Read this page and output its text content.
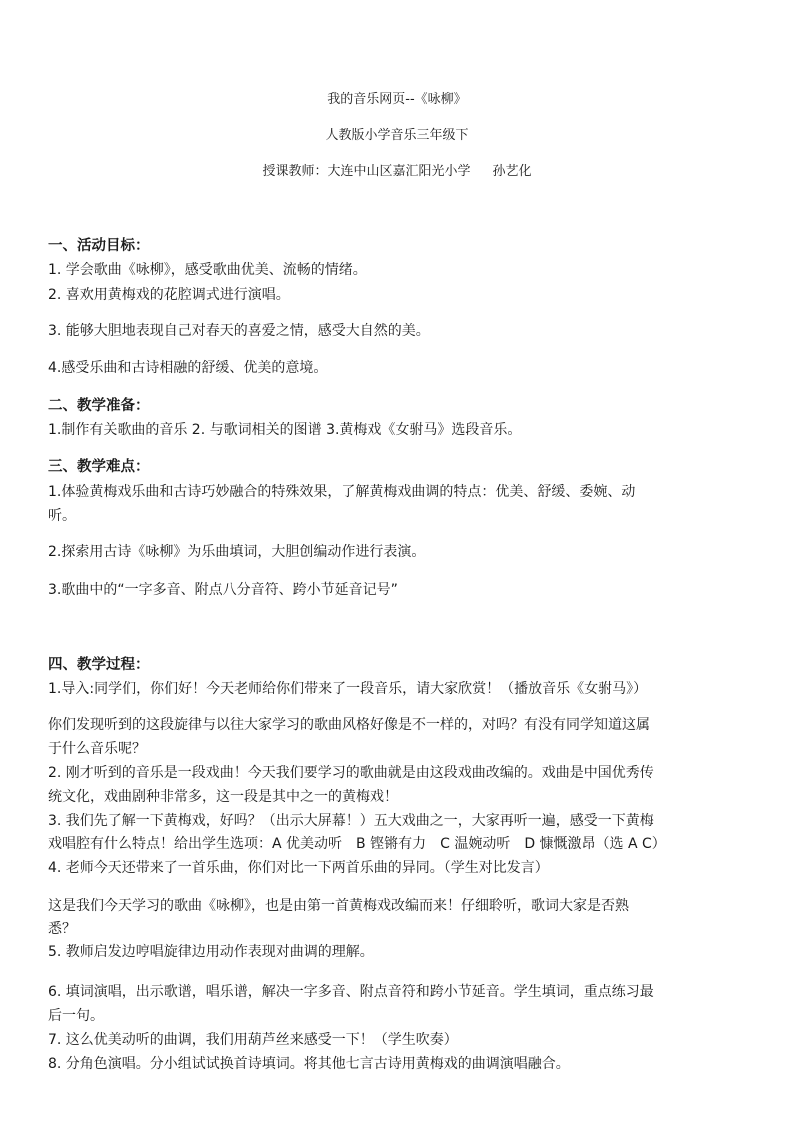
我的音乐网页--《咏柳》
人教版小学音乐三年级下
授课教师：大连中山区嘉汇阳光小学 孙艺化
一、活动目标：
1. 学会歌曲《咏柳》，感受歌曲优美、流畅的情绪。
2. 喜欢用黄梅戏的花腔调式进行演唱。
3. 能够大胆地表现自己对春天的喜爱之情，感受大自然的美。
4.感受乐曲和古诗相融的舒缓、优美的意境。
二、教学准备：
1.制作有关歌曲的音乐 2. 与歌词相关的图谱 3.黄梅戏《女驸马》选段音乐。
三、教学难点：
1.体验黄梅戏乐曲和古诗巧妙融合的特殊效果，了解黄梅戏曲调的特点：优美、舒缓、委婉、动
听。
2.探索用古诗《咏柳》为乐曲填词，大胆创编动作进行表演。
3.歌曲中的“一字多音、附点八分音符、跨小节延音记号”
四、教学过程：
1.导入:同学们，你们好！今天老师给你们带来了一段音乐，请大家欣赏！（播放音乐《女驸马》）
你们发现听到的这段旋律与以往大家学习的歌曲风格好像是不一样的，对吗？有没有同学知道这属
于什么音乐呢？
2. 刚才听到的音乐是一段戏曲！今天我们要学习的歌曲就是由这段戏曲改编的。戏曲是中国优秀传
统文化，戏曲剧种非常多，这一段是其中之一的黄梅戏！
3. 我们先了解一下黄梅戏，好吗？（出示大屏幕！）五大戏曲之一，大家再听一遍，感受一下黄梅
戏唱腔有什么特点！给出学生选项：A 优美动听 B 铿锵有力 C 温婉动听 D 慷慨激昂（选 A C）
4. 老师今天还带来了一首乐曲，你们对比一下两首乐曲的异同。（学生对比发言）
这是我们今天学习的歌曲《咏柳》，也是由第一首黄梅戏改编而来！仔细聆听，歌词大家是否熟
悉？
5. 教师启发边哼唱旋律边用动作表现对曲调的理解。
6. 填词演唱，出示歌谱，唱乐谱，解决一字多音、附点音符和跨小节延音。学生填词，重点练习最
后一句。
7. 这么优美动听的曲调，我们用葫芦丝来感受一下！（学生吹奏）
8. 分角色演唱。分小组试试换首诗填词。将其他七言古诗用黄梅戏的曲调演唱融合。
